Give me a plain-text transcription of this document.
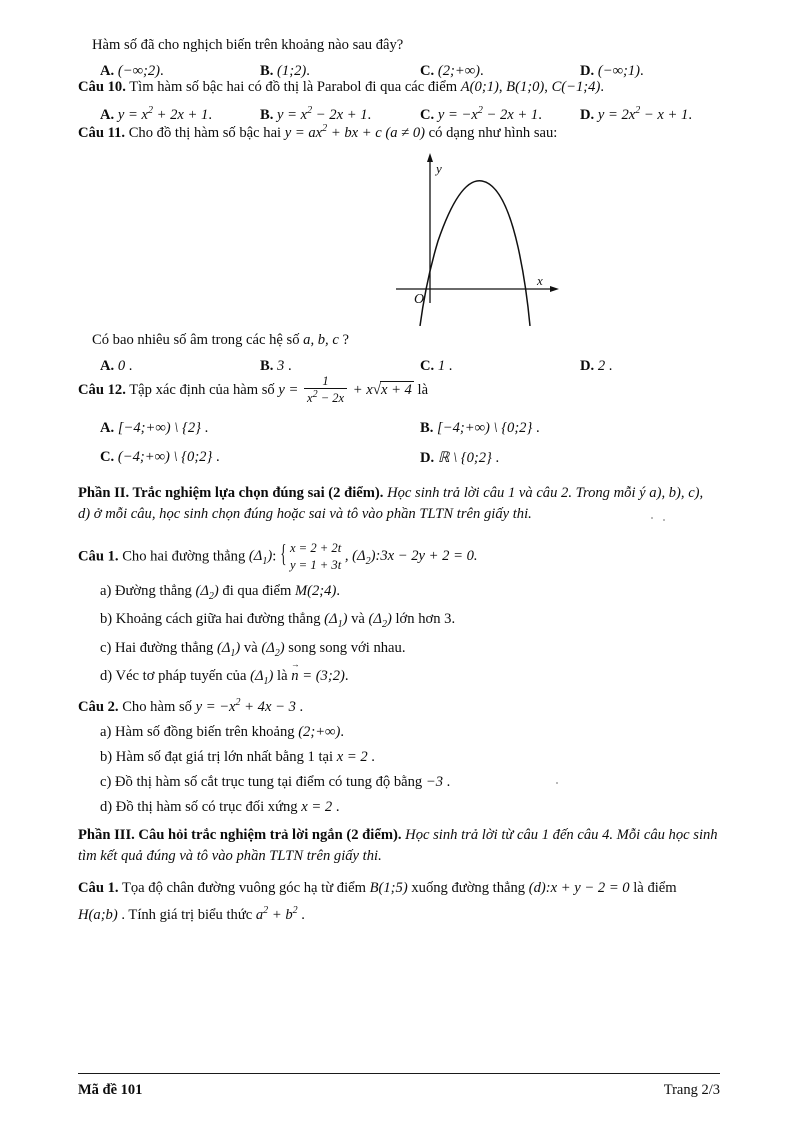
Hàm số đã cho nghịch biến trên khoảng nào sau đây?
A. (−∞;2).	B. (1;2).	C. (2;+∞).	D. (−∞;1).
Câu 10. Tìm hàm số bậc hai có đồ thị là Parabol đi qua các điểm A(0;1), B(1;0), C(−1;4).
A. $y = x^2 + 2x + 1$.	B. $y = x^2 - 2x + 1$.	C. $y = -x^2 - 2x + 1$.	D. $y = 2x^2 - x + 1$.
Câu 11. Cho đồ thị hàm số bậc hai $y = ax^2$ + bx + c (a ≠ 0) có dạng như hình sau:
y
x
O
Có bao nhiêu số âm trong các hệ số a, b, c ?
A. 0 .	B. 3 .	C. 1 .	D. 2 .
Câu 12. Tập xác định của hàm số $y = \frac{1}{x^2 - 2x} + x√x + 4$ là
A. [−4;+∞) \ {2} .	B. [−4;+∞) \ {0;2} .
C. (−4;+∞) \ {0;2} .	D. ℝ \ {0;2} .
Phần II. Trắc nghiệm lựa chọn đúng sai (2 điểm). Học sinh trả lời câu 1 và câu 2. Trong mỗi ý a), b), c), d) ở mỗi câu, học sinh chọn đúng hoặc sai và tô vào phần TLTN trên giấy thi.
Câu 1. Cho hai đường thẳng $(\Delta_1)$:
{ x = 2 + 2t
y = 1 + 3t
, $(\Delta_2):3x - 2y + 2 = 0$.
a) Đường thẳng $(\Delta_2)$ đi qua điểm M(2;4).
b) Khoảng cách giữa hai đường thẳng $(\Delta_1)$ và $(\Delta_2)$ lớn hơn 3.
c) Hai đường thẳng $(\Delta_1)$ và $(\Delta_2)$ song song với nhau.
d) Véc tơ pháp tuyến của $(\Delta_1)$ là n → = (3;2).
Câu 2. Cho hàm số $y = -x^2 + 4x - 3$ .
a) Hàm số đồng biến trên khoảng (2;+∞).
b) Hàm số đạt giá trị lớn nhất bằng 1 tại x = 2 .
c) Đồ thị hàm số cắt trục tung tại điểm có tung độ bằng −3 .
d) Đồ thị hàm số có trục đối xứng x = 2 .
Phần III. Câu hỏi trắc nghiệm trả lời ngắn (2 điểm). Học sinh trả lời từ câu 1 đến câu 4. Mỗi câu học sinh tìm kết quả đúng và tô vào phần TLTN trên giấy thi.
Câu 1. Tọa độ chân đường vuông góc hạ từ điểm B(1;5) xuống đường thẳng (d):x + y − 2 = 0 là điểm
H(a;b) . Tính giá trị biểu thức $a^2 + b^2$ .
Mã đề 101	Trang 2/3
